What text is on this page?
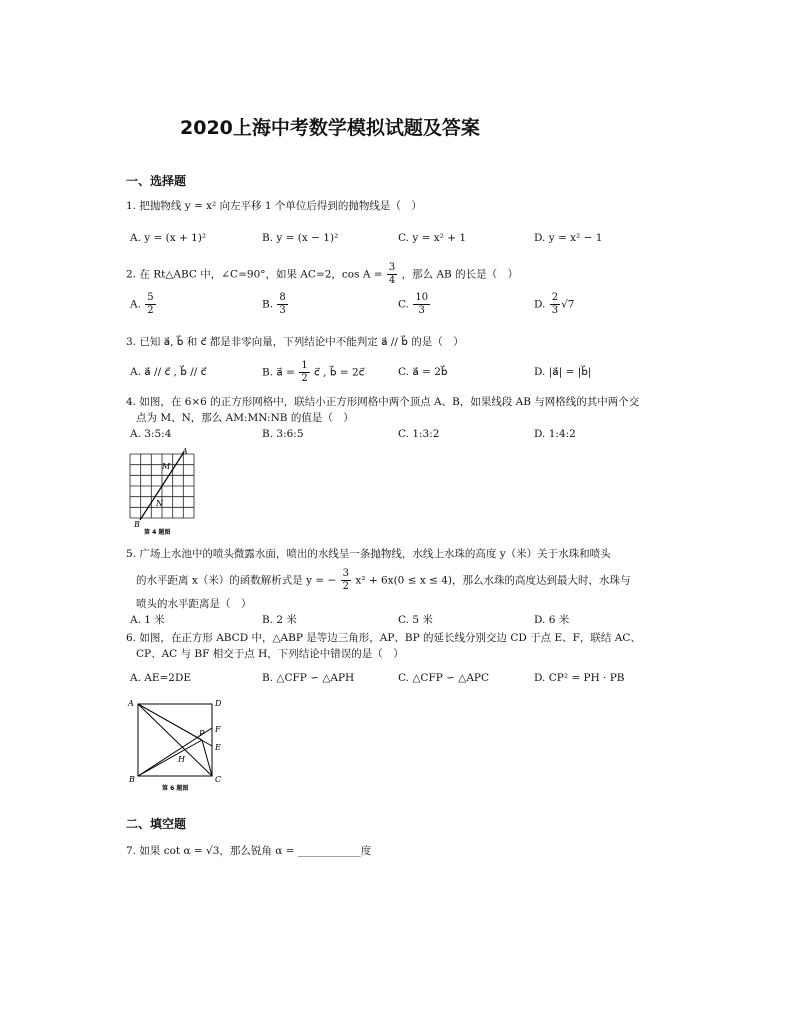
2020上海中考数学模拟试题及答案
一、选择题
1. 把抛物线 y = x² 向左平移 1 个单位后得到的抛物线是（　）
A. y = (x + 1)²	B. y = (x − 1)²	C. y = x² + 1	D. y = x² − 1
2. 在 Rt△ABC 中，∠C=90°，如果 AC=2，$\cos A = \frac{3}{4}$ ，那么 AB 的长是（　）
A. $\frac{5}{2}$	B. $\frac{8}{3}$	C. $\frac{10}{3}$	D. $\frac{2}{3} √7$
3. 已知 a⃗, b⃗ 和 c⃗ 都是非零向量，下列结论中不能判定 a⃗ // b⃗ 的是（　）
A. a⃗ // c⃗ , b⃗ // c⃗	B. a⃗ = $\frac{1}{2}$ c⃗ , b⃗ = 2c⃗	C. a⃗ = 2b⃗	D. |a⃗| = |b⃗|
4. 如图，在 6×6 的正方形网格中，联结小正方形网格中两个顶点 A、B，如果线段 AB 与网格线的其中两个交
点为 M、N，那么 AM:MN:NB 的值是（　）
A. 3:5:4	B. 3:6:5	C. 1:3:2	D. 1:4:2
A
M
N
B
第 4 题图
5. 广场上水池中的喷头微露水面，喷出的水线呈一条抛物线，水线上水珠的高度 y（米）关于水珠和喷头
的水平距离 x（米）的函数解析式是 y = − $\frac{3}{2} x^2 + 6x(0 \le x \le 4)$，那么水珠的高度达到最大时，水珠与
喷头的水平距离是（　）
A. 1 米	B. 2 米	C. 5 米	D. 6 米
6. 如图，在正方形 ABCD 中，△ABP 是等边三角形，AP、BP 的延长线分别交边 CD 于点 E、F，联结 AC、
CP、AC 与 BF 相交于点 H，下列结论中错误的是（　）
A. AE=2DE	B. △CFP ∽ △APH	C. △CFP ∽ △APC	D. CP² = PH · PB
A	D
F
P
E
H
B	C
第 6 题图
二、填空题
7. 如果 cot α = √3，那么锐角 α = ____________度
